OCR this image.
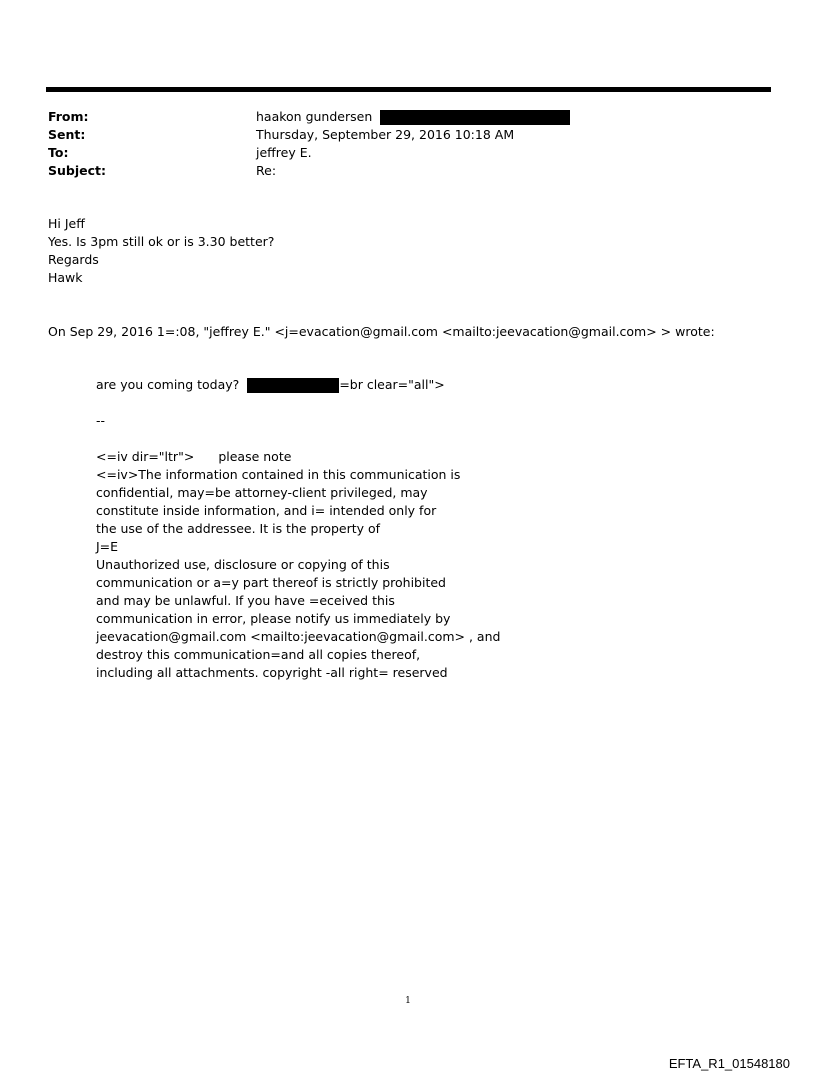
From:	haakon gundersen
Sent:	Thursday, September 29, 2016 10:18 AM
To:	jeffrey E.
Subject:	Re:
Hi Jeff
Yes. Is 3pm still ok or is 3.30 better?
Regards
Hawk
On Sep 29, 2016 1=:08, "jeffrey E." <j=evacation@gmail.com <mailto:jeevacation@gmail.com> > wrote:
are you coming today?	=br clear="all">
--
<=iv dir="ltr"> please note
<=iv>The information contained in this communication is
confidential, may=be attorney-client privileged, may
constitute inside information, and i= intended only for
the use of the addressee. It is the property of
J=E
Unauthorized use, disclosure or copying of this
communication or a=y part thereof is strictly prohibited
and may be unlawful. If you have =eceived this
communication in error, please notify us immediately by
jeevacation@gmail.com <mailto:jeevacation@gmail.com> , and
destroy this communication=and all copies thereof,
including all attachments. copyright -all right= reserved
1
EFTA_R1_01548180
